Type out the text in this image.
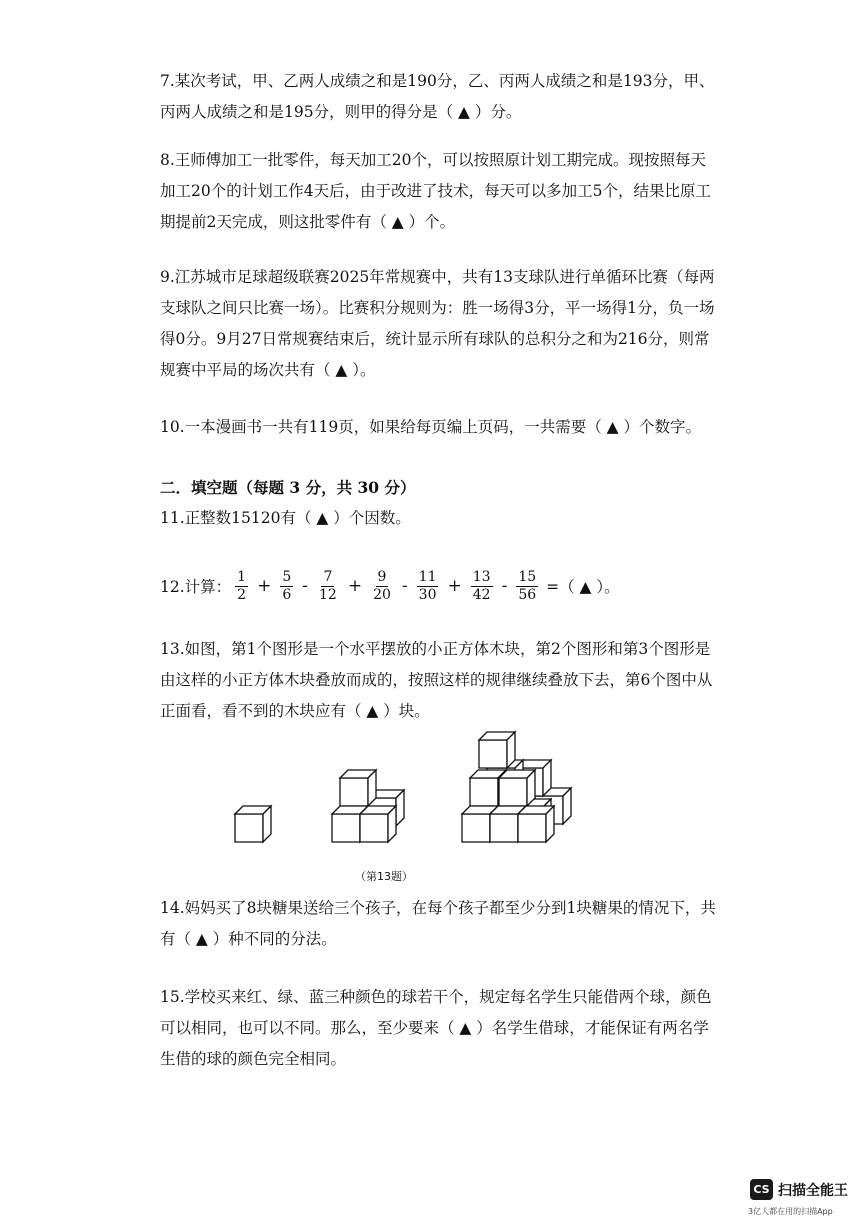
7.某次考试，甲、乙两人成绩之和是190分，乙、丙两人成绩之和是193分，甲、丙两人成绩之和是195分，则甲的得分是（ ▲ ）分。

8.王师傅加工一批零件，每天加工20个，可以按照原计划工期完成。现按照每天加工20个的计划工作4天后，由于改进了技术，每天可以多加工5个，结果比原工期提前2天完成，则这批零件有（ ▲ ）个。

9.江苏城市足球超级联赛2025年常规赛中，共有13支球队进行单循环比赛（每两支球队之间只比赛一场）。比赛积分规则为：胜一场得3分，平一场得1分，负一场得0分。9月27日常规赛结束后，统计显示所有球队的总积分之和为216分，则常规赛中平局的场次共有（ ▲ ）。

10.一本漫画书一共有119页，如果给每页编上页码，一共需要（ ▲ ）个数字。

二．填空题（每题 3 分，共 30 分）
11.正整数15120有（ ▲ ）个因数。
12.计算： $\frac{1}{2} + \frac{5}{6} - \frac{7}{12} + \frac{9}{20} - \frac{11}{30} + \frac{13}{42} - \frac{15}{56}$ =（ ▲ ）。

13.如图，第1个图形是一个水平摆放的小正方体木块，第2个图形和第3个图形是由这样的小正方体木块叠放而成的，按照这样的规律继续叠放下去，第6个图中从正面看，看不到的木块应有（ ▲ ）块。

（第13题）

14.妈妈买了8块糖果送给三个孩子，在每个孩子都至少分到1块糖果的情况下，共有（ ▲ ）种不同的分法。

15.学校买来红、绿、蓝三种颜色的球若干个，规定每名学生只能借两个球，颜色可以相同，也可以不同。那么，至少要来（ ▲ ）名学生借球，才能保证有两名学生借的球的颜色完全相同。

CS 扫描全能王
3亿人都在用的扫描App
